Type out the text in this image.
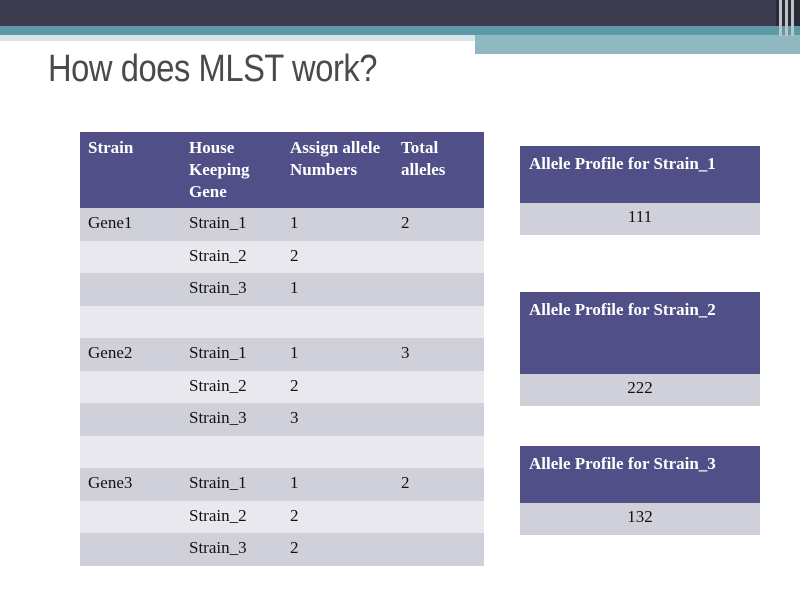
How does MLST work?
Strain	House Keeping Gene	Assign allele Numbers	Total alleles
Gene1	Strain_1	1	2
	Strain_2	2	
	Strain_3	1	

Gene2	Strain_1	1	3
	Strain_2	2	
	Strain_3	3	

Gene3	Strain_1	1	2
	Strain_2	2	
	Strain_3	2	
Allele Profile for Strain_1
111
Allele Profile for Strain_2
222
Allele Profile for Strain_3
132
